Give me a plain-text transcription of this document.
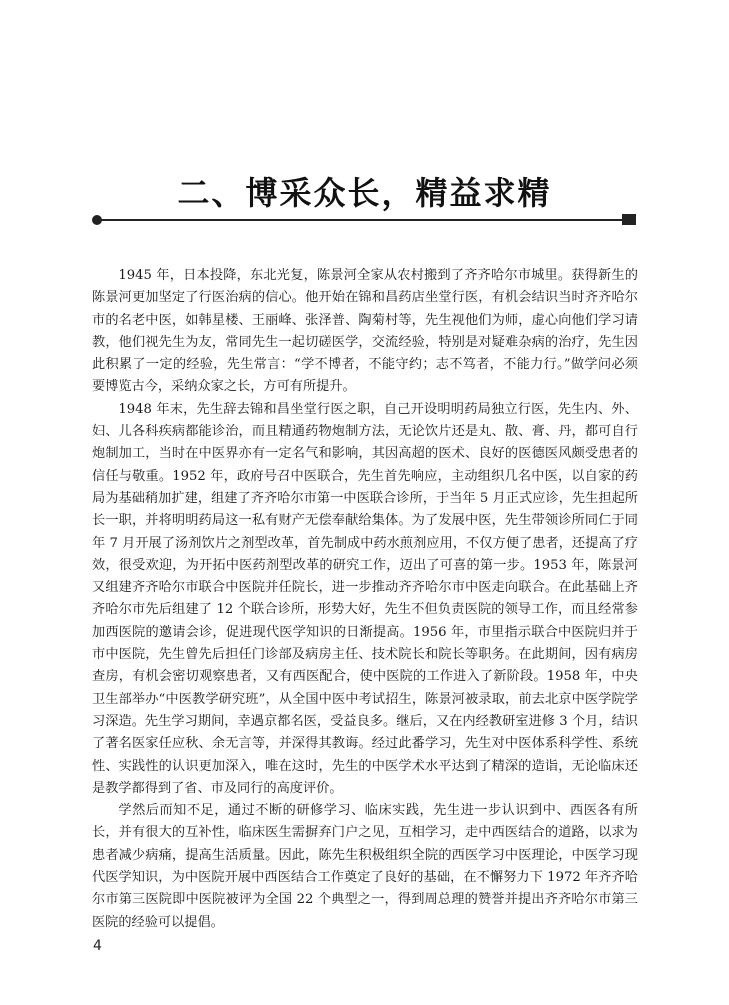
二、博采众长，精益求精

1945 年，日本投降，东北光复，陈景河全家从农村搬到了齐齐哈尔市城里。获得新生的陈景河更加坚定了行医治病的信心。他开始在锦和昌药店坐堂行医，有机会结识当时齐齐哈尔市的名老中医，如韩星楼、王丽峰、张泽普、陶菊村等，先生视他们为师，虚心向他们学习请教，他们视先生为友，常同先生一起切磋医学，交流经验，特别是对疑难杂病的治疗，先生因此积累了一定的经验，先生常言：“学不博者，不能守约；志不笃者，不能力行。”做学问必须要博览古今，采纳众家之长，方可有所提升。

1948 年末，先生辞去锦和昌坐堂行医之职，自己开设明明药局独立行医，先生内、外、妇、儿各科疾病都能诊治，而且精通药物炮制方法，无论饮片还是丸、散、膏、丹，都可自行炮制加工，当时在中医界亦有一定名气和影响，其因高超的医术、良好的医德医风颇受患者的信任与敬重。1952 年，政府号召中医联合，先生首先响应，主动组织几名中医，以自家的药局为基础稍加扩建，组建了齐齐哈尔市第一中医联合诊所，于当年 5 月正式应诊，先生担起所长一职，并将明明药局这一私有财产无偿奉献给集体。为了发展中医，先生带领诊所同仁于同年 7 月开展了汤剂饮片之剂型改革，首先制成中药水煎剂应用，不仅方便了患者，还提高了疗效，很受欢迎，为开拓中医药剂型改革的研究工作，迈出了可喜的第一步。1953 年，陈景河又组建齐齐哈尔市联合中医院并任院长，进一步推动齐齐哈尔市中医走向联合。在此基础上齐齐哈尔市先后组建了 12 个联合诊所，形势大好，先生不但负责医院的领导工作，而且经常参加西医院的邀请会诊，促进现代医学知识的日渐提高。1956 年，市里指示联合中医院归并于市中医院，先生曾先后担任门诊部及病房主任、技术院长和院长等职务。在此期间，因有病房查房，有机会密切观察患者，又有西医配合，使中医院的工作进入了新阶段。1958 年，中央卫生部举办“中医教学研究班”，从全国中医中考试招生，陈景河被录取，前去北京中医学院学习深造。先生学习期间，幸遇京都名医，受益良多。继后，又在内经教研室进修 3 个月，结识了著名医家任应秋、余无言等，并深得其教诲。经过此番学习，先生对中医体系科学性、系统性、实践性的认识更加深入，唯在这时，先生的中医学术水平达到了精深的造诣，无论临床还是教学都得到了省、市及同行的高度评价。

学然后而知不足，通过不断的研修学习、临床实践，先生进一步认识到中、西医各有所长，并有很大的互补性，临床医生需摒弃门户之见，互相学习，走中西医结合的道路，以求为患者减少病痛，提高生活质量。因此，陈先生积极组织全院的西医学习中医理论，中医学习现代医学知识，为中医院开展中西医结合工作奠定了良好的基础，在不懈努力下 1972 年齐齐哈尔市第三医院即中医院被评为全国 22 个典型之一，得到周总理的赞誉并提出齐齐哈尔市第三医院的经验可以提倡。

4
